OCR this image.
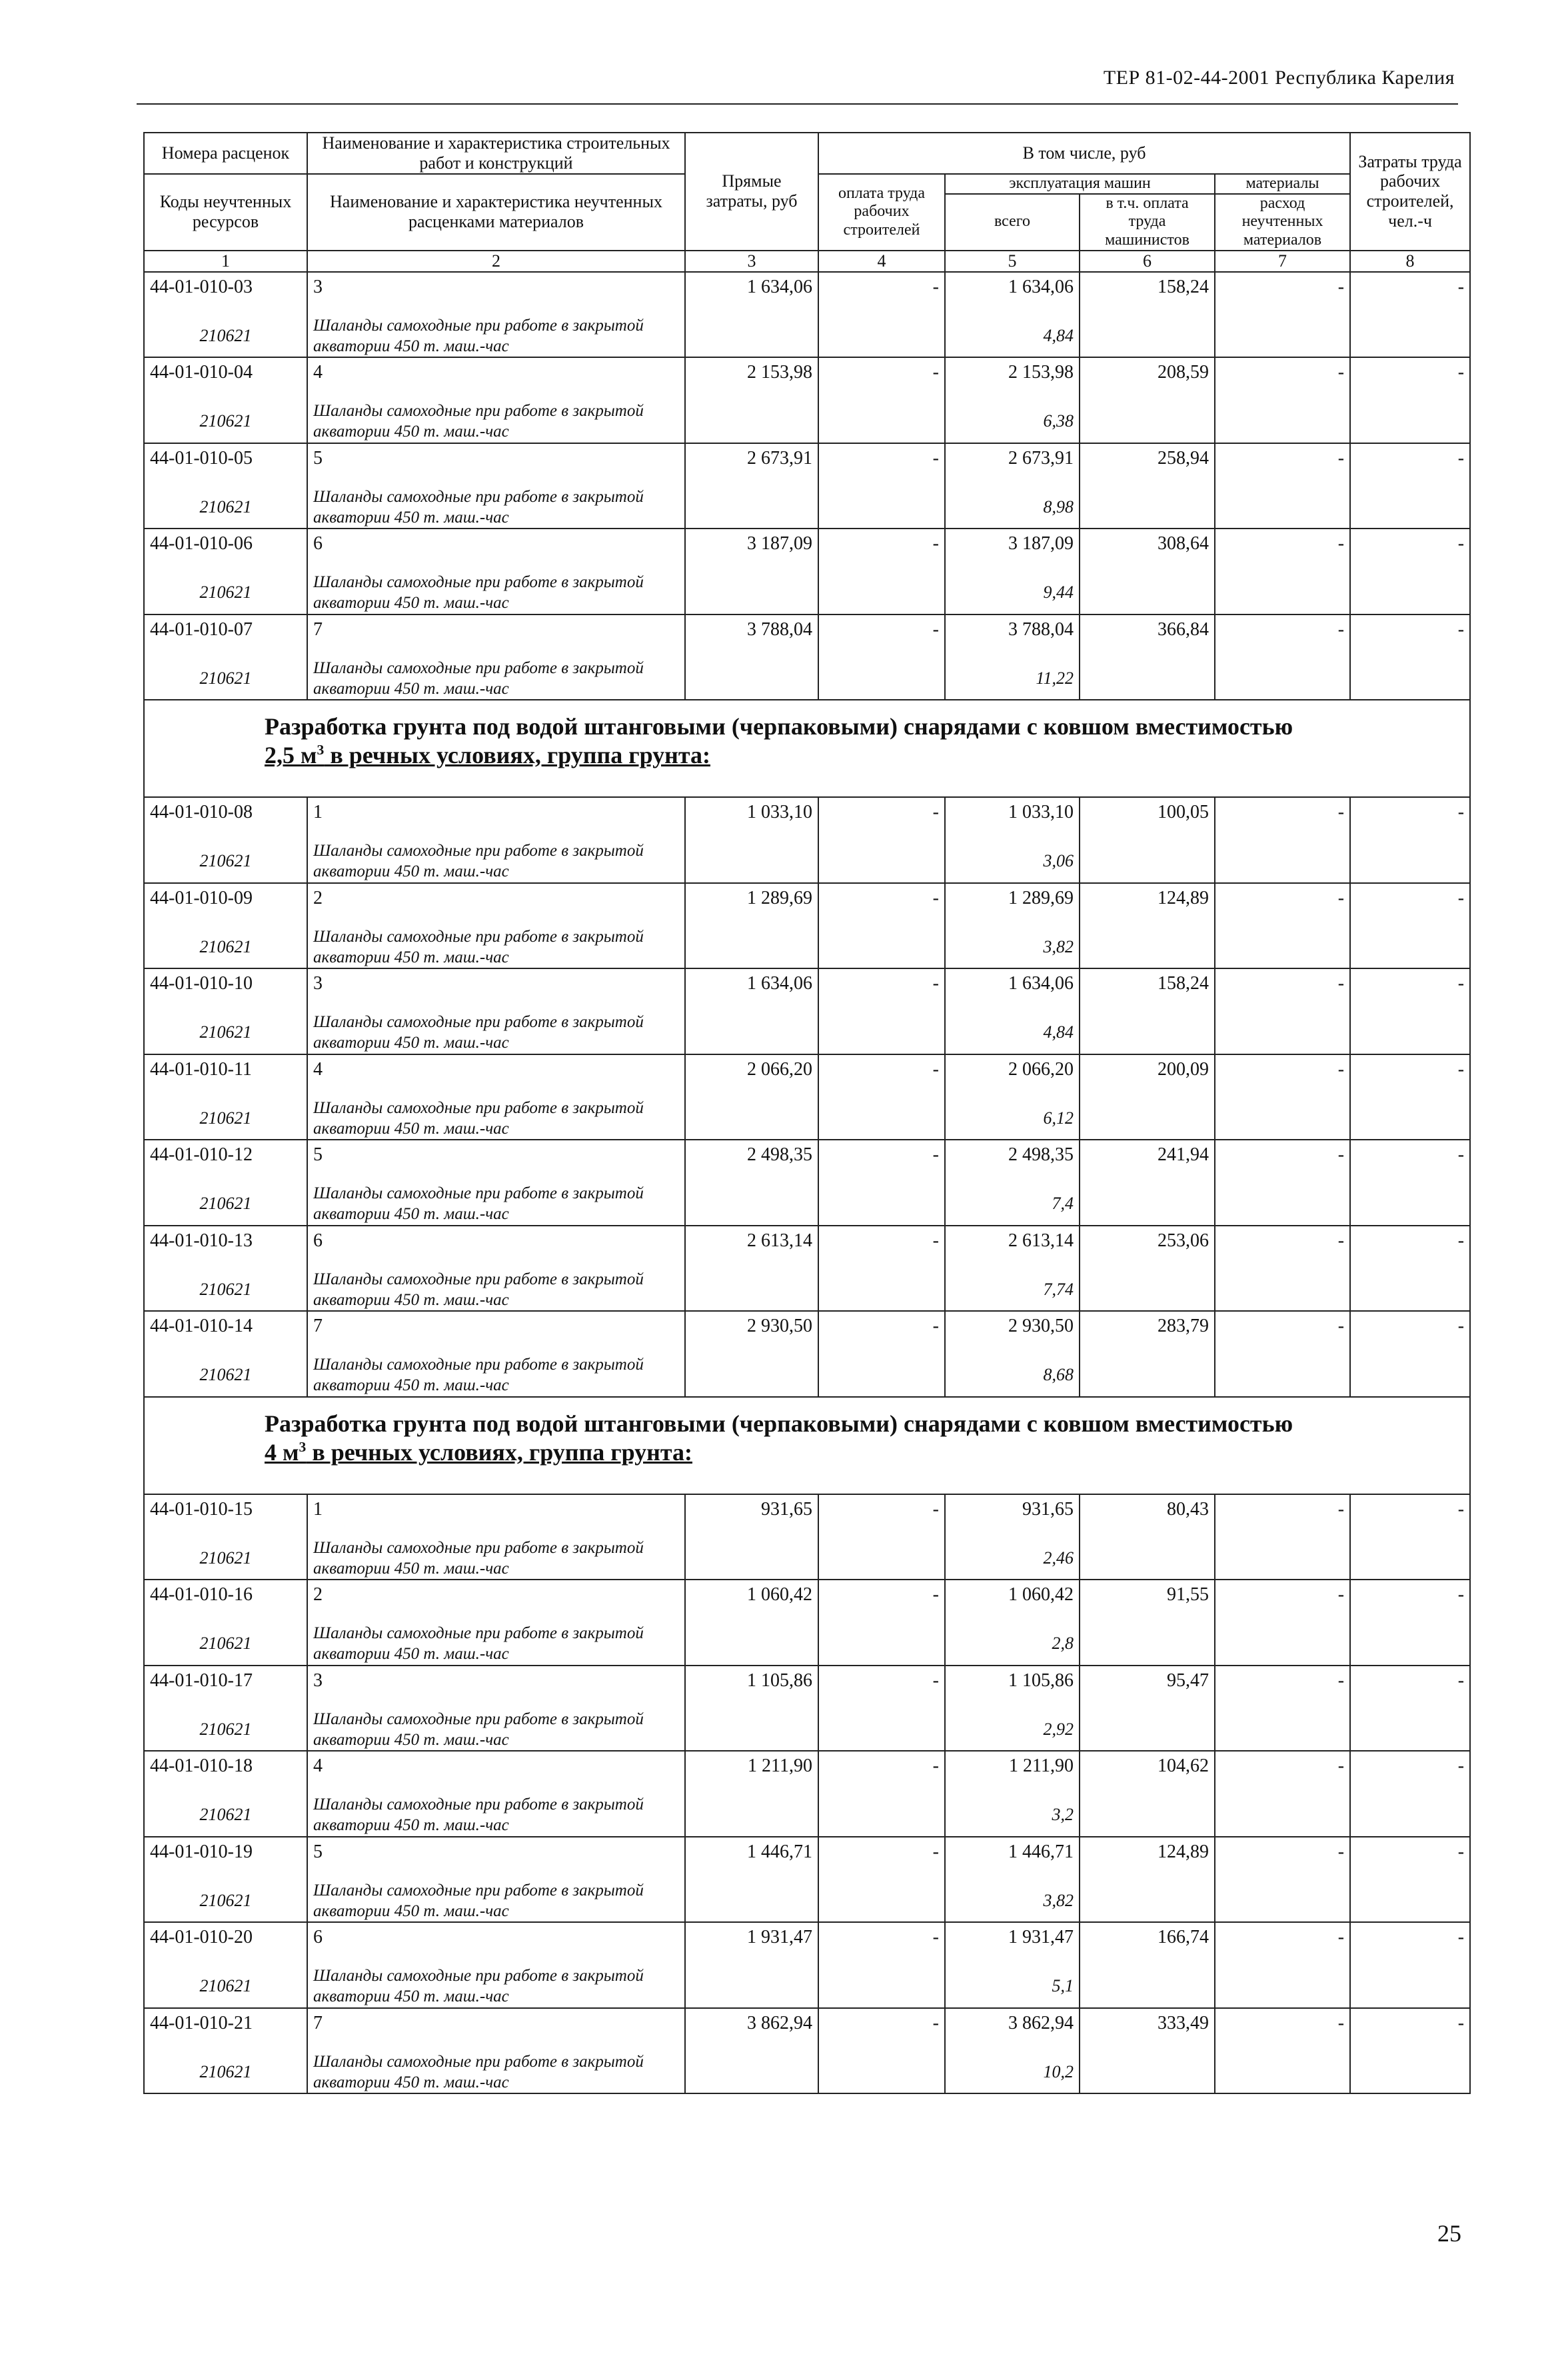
ТЕР 81-02-44-2001 Республика Карелия
Номера расценок	Наименование и характеристика строительных работ и конструкций	Прямые затраты, руб	В том числе, руб				Затраты труда рабочих строителей, чел.-ч
Коды неучтенных ресурсов	Наименование и характеристика неучтенных расценками материалов		оплата труда рабочих строителей	эксплуатация машин		материалы	
				всего	в т.ч. оплата труда машинистов	расход неучтенных материалов	

1	2	3	4	5	6	7	8
44-01-010-03	3	1 634,06	-	1 634,06	158,24	-	-
210621	Шаланды самоходные при работе в закрытой акватории 450 т. маш.-час			4,84			
44-01-010-04	4	2 153,98	-	2 153,98	208,59	-	-
210621	Шаланды самоходные при работе в закрытой акватории 450 т. маш.-час			6,38			
44-01-010-05	5	2 673,91	-	2 673,91	258,94	-	-
210621	Шаланды самоходные при работе в закрытой акватории 450 т. маш.-час			8,98			
44-01-010-06	6	3 187,09	-	3 187,09	308,64	-	-
210621	Шаланды самоходные при работе в закрытой акватории 450 т. маш.-час			9,44			
44-01-010-07	7	3 788,04	-	3 788,04	366,84	-	-
210621	Шаланды самоходные при работе в закрытой акватории 450 т. маш.-час			11,22			

Разработка грунта под водой штанговыми (черпаковыми) снарядами с ковшом вместимостью
2,5 $м^3$ в речных условиях, группа грунта:							

44-01-010-08	1	1 033,10	-	1 033,10	100,05	-	-
210621	Шаланды самоходные при работе в закрытой акватории 450 т. маш.-час			3,06			
44-01-010-09	2	1 289,69	-	1 289,69	124,89	-	-
210621	Шаланды самоходные при работе в закрытой акватории 450 т. маш.-час			3,82			
44-01-010-10	3	1 634,06	-	1 634,06	158,24	-	-
210621	Шаланды самоходные при работе в закрытой акватории 450 т. маш.-час			4,84			
44-01-010-11	4	2 066,20	-	2 066,20	200,09	-	-
210621	Шаланды самоходные при работе в закрытой акватории 450 т. маш.-час			6,12			
44-01-010-12	5	2 498,35	-	2 498,35	241,94	-	-
210621	Шаланды самоходные при работе в закрытой акватории 450 т. маш.-час			7,4			
44-01-010-13	6	2 613,14	-	2 613,14	253,06	-	-
210621	Шаланды самоходные при работе в закрытой акватории 450 т. маш.-час			7,74			
44-01-010-14	7	2 930,50	-	2 930,50	283,79	-	-
210621	Шаланды самоходные при работе в закрытой акватории 450 т. маш.-час			8,68			

Разработка грунта под водой штанговыми (черпаковыми) снарядами с ковшом вместимостью
4 $м^3$ в речных условиях, группа грунта:							

44-01-010-15	1	931,65	-	931,65	80,43	-	-
210621	Шаланды самоходные при работе в закрытой акватории 450 т. маш.-час			2,46			
44-01-010-16	2	1 060,42	-	1 060,42	91,55	-	-
210621	Шаланды самоходные при работе в закрытой акватории 450 т. маш.-час			2,8			
44-01-010-17	3	1 105,86	-	1 105,86	95,47	-	-
210621	Шаланды самоходные при работе в закрытой акватории 450 т. маш.-час			2,92			
44-01-010-18	4	1 211,90	-	1 211,90	104,62	-	-
210621	Шаланды самоходные при работе в закрытой акватории 450 т. маш.-час			3,2			
44-01-010-19	5	1 446,71	-	1 446,71	124,89	-	-
210621	Шаланды самоходные при работе в закрытой акватории 450 т. маш.-час			3,82			
44-01-010-20	6	1 931,47	-	1 931,47	166,74	-	-
210621	Шаланды самоходные при работе в закрытой акватории 450 т. маш.-час			5,1			
44-01-010-21	7	3 862,94	-	3 862,94	333,49	-	-
210621	Шаланды самоходные при работе в закрытой акватории 450 т. маш.-час			10,2			
25
